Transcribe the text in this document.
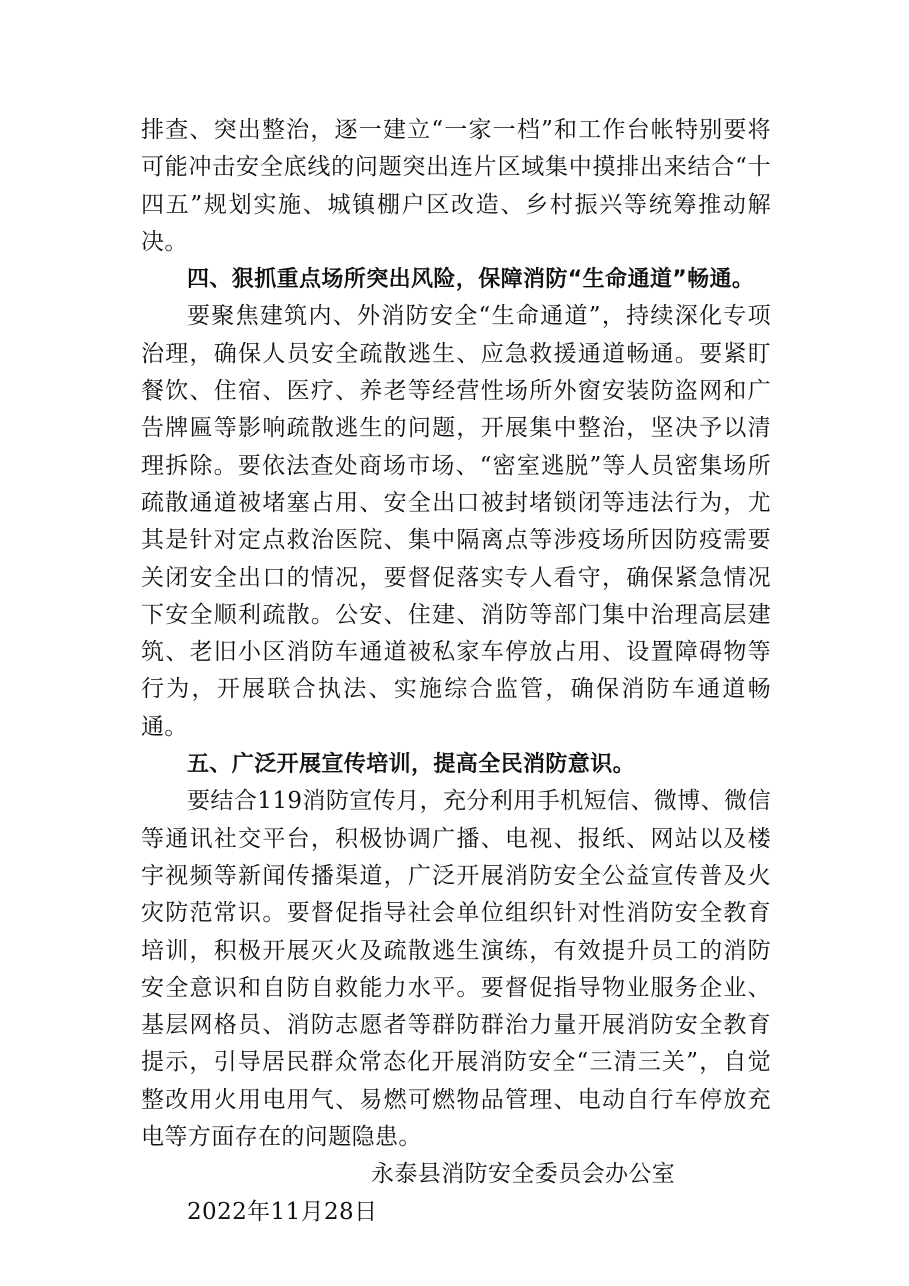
排查、突出整治，逐一建立“一家一档”和工作台帐特别要将可能冲击安全底线的问题突出连片区域集中摸排出来结合“十四五”规划实施、城镇棚户区改造、乡村振兴等统筹推动解决。

四、狠抓重点场所突出风险，保障消防“生命通道”畅通。

要聚焦建筑内、外消防安全“生命通道”，持续深化专项治理，确保人员安全疏散逃生、应急救援通道畅通。要紧盯餐饮、住宿、医疗、养老等经营性场所外窗安装防盗网和广告牌匾等影响疏散逃生的问题，开展集中整治，坚决予以清理拆除。要依法查处商场市场、“密室逃脱”等人员密集场所疏散通道被堵塞占用、安全出口被封堵锁闭等违法行为，尤其是针对定点救治医院、集中隔离点等涉疫场所因防疫需要关闭安全出口的情况，要督促落实专人看守，确保紧急情况下安全顺利疏散。公安、住建、消防等部门集中治理高层建筑、老旧小区消防车通道被私家车停放占用、设置障碍物等行为，开展联合执法、实施综合监管，确保消防车通道畅通。

五、广泛开展宣传培训，提高全民消防意识。

要结合119消防宣传月，充分利用手机短信、微博、微信等通讯社交平台，积极协调广播、电视、报纸、网站以及楼宇视频等新闻传播渠道，广泛开展消防安全公益宣传普及火灾防范常识。要督促指导社会单位组织针对性消防安全教育培训，积极开展灭火及疏散逃生演练，有效提升员工的消防安全意识和自防自救能力水平。要督促指导物业服务企业、基层网格员、消防志愿者等群防群治力量开展消防安全教育提示，引导居民群众常态化开展消防安全“三清三关”，自觉整改用火用电用气、易燃可燃物品管理、电动自行车停放充电等方面存在的问题隐患。

永泰县消防安全委员会办公室

2022年11月28日
